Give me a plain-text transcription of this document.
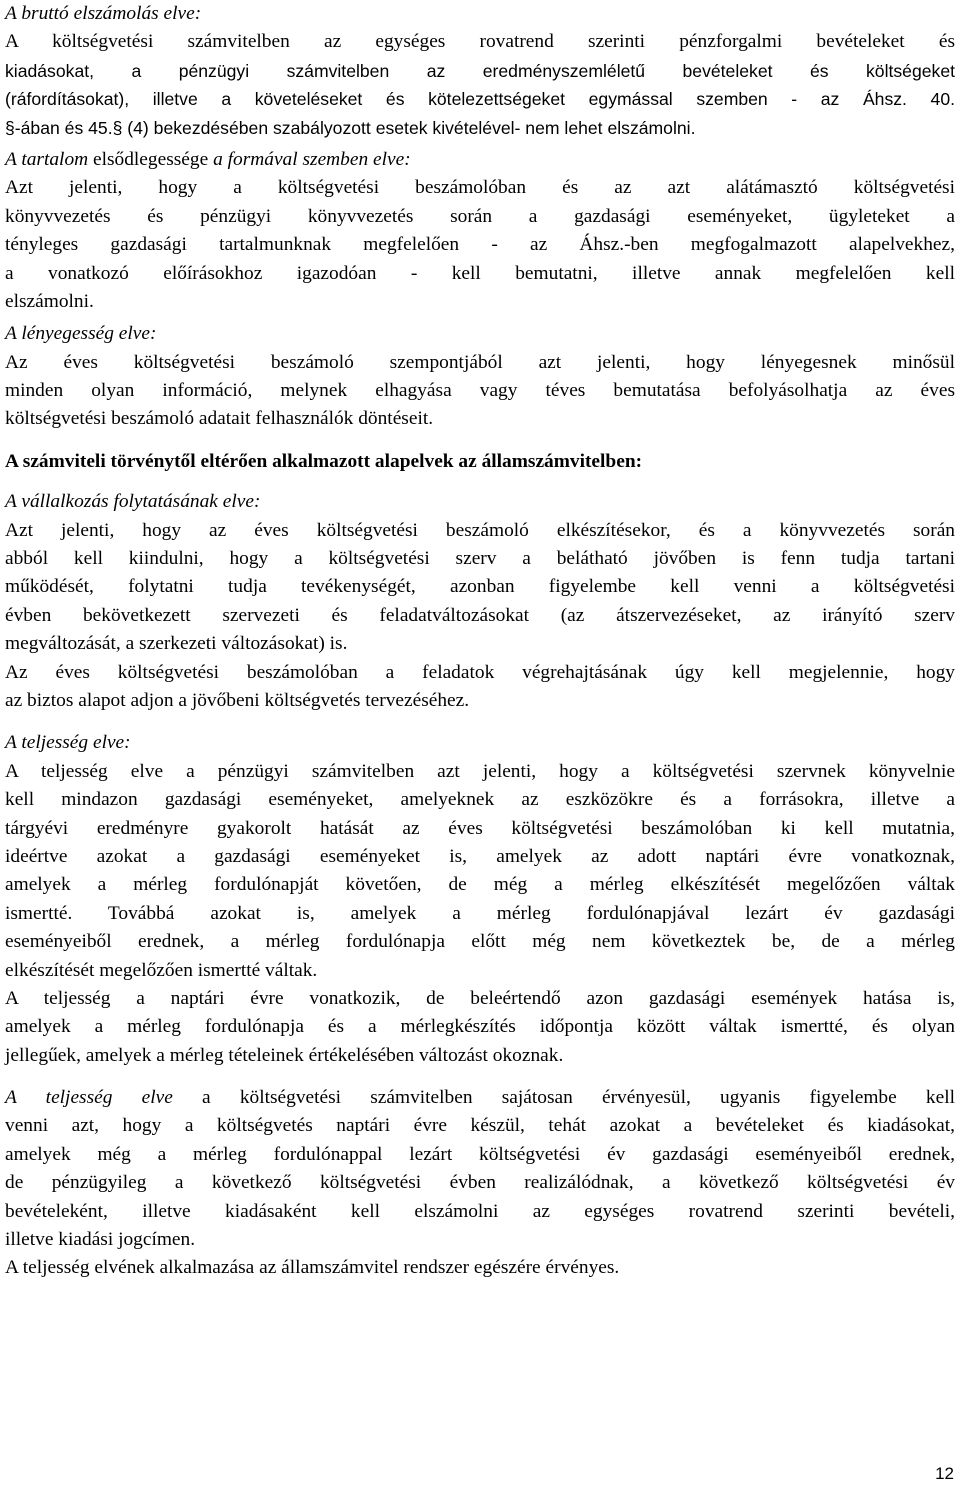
A bruttó elszámolás elve:
A költségvetési számvitelben az egységes rovatrend szerinti pénzforgalmi bevételeket és
kiadásokat, a pénzügyi számvitelben az eredményszemléletű bevételeket és költségeket
(ráfordításokat), illetve a követeléseket és kötelezettségeket egymással szemben - az Áhsz. 40.
§-ában és 45.§ (4) bekezdésében szabályozott esetek kivételével- nem lehet elszámolni.
A tartalom elsődlegessége a formával szemben elve:
Azt jelenti, hogy a költségvetési beszámolóban és az azt alátámasztó költségvetési
könyvvezetés és pénzügyi könyvvezetés során a gazdasági eseményeket, ügyleteket a
tényleges gazdasági tartalmunknak megfelelően - az Áhsz.-ben megfogalmazott alapelvekhez,
a vonatkozó előírásokhoz igazodóan - kell bemutatni, illetve annak megfelelően kell
elszámolni.
A lényegesség elve:
Az éves költségvetési beszámoló szempontjából azt jelenti, hogy lényegesnek minősül
minden olyan információ, melynek elhagyása vagy téves bemutatása befolyásolhatja az éves
költségvetési beszámoló adatait felhasználók döntéseit.
A számviteli törvénytől eltérően alkalmazott alapelvek az államszámvitelben:
A vállalkozás folytatásának elve:
Azt jelenti, hogy az éves költségvetési beszámoló elkészítésekor, és a könyvvezetés során
abból kell kiindulni, hogy a költségvetési szerv a belátható jövőben is fenn tudja tartani
működését, folytatni tudja tevékenységét, azonban figyelembe kell venni a költségvetési
évben bekövetkezett szervezeti és feladatváltozásokat (az átszervezéseket, az irányító szerv
megváltozását, a szerkezeti változásokat) is.
Az éves költségvetési beszámolóban a feladatok végrehajtásának úgy kell megjelennie, hogy
az biztos alapot adjon a jövőbeni költségvetés tervezéséhez.
A teljesség elve:
A teljesség elve a pénzügyi számvitelben azt jelenti, hogy a költségvetési szervnek könyvelnie
kell mindazon gazdasági eseményeket, amelyeknek az eszközökre és a forrásokra, illetve a
tárgyévi eredményre gyakorolt hatását az éves költségvetési beszámolóban ki kell mutatnia,
ideértve azokat a gazdasági eseményeket is, amelyek az adott naptári évre vonatkoznak,
amelyek a mérleg fordulónapját követően, de még a mérleg elkészítését megelőzően váltak
ismertté. Továbbá azokat is, amelyek a mérleg fordulónapjával lezárt év gazdasági
eseményeiből erednek, a mérleg fordulónapja előtt még nem következtek be, de a mérleg
elkészítését megelőzően ismertté váltak.
A teljesség a naptári évre vonatkozik, de beleértendő azon gazdasági események hatása is,
amelyek a mérleg fordulónapja és a mérlegkészítés időpontja között váltak ismertté, és olyan
jellegűek, amelyek a mérleg tételeinek értékelésében változást okoznak.
A teljesség elve a költségvetési számvitelben sajátosan érvényesül, ugyanis figyelembe kell
venni azt, hogy a költségvetés naptári évre készül, tehát azokat a bevételeket és kiadásokat,
amelyek még a mérleg fordulónappal lezárt költségvetési év gazdasági eseményeiből erednek,
de pénzügyileg a következő költségvetési évben realizálódnak, a következő költségvetési év
bevételeként, illetve kiadásaként kell elszámolni az egységes rovatrend szerinti bevételi,
illetve kiadási jogcímen.
A teljesség elvének alkalmazása az államszámvitel rendszer egészére érvényes.
12
